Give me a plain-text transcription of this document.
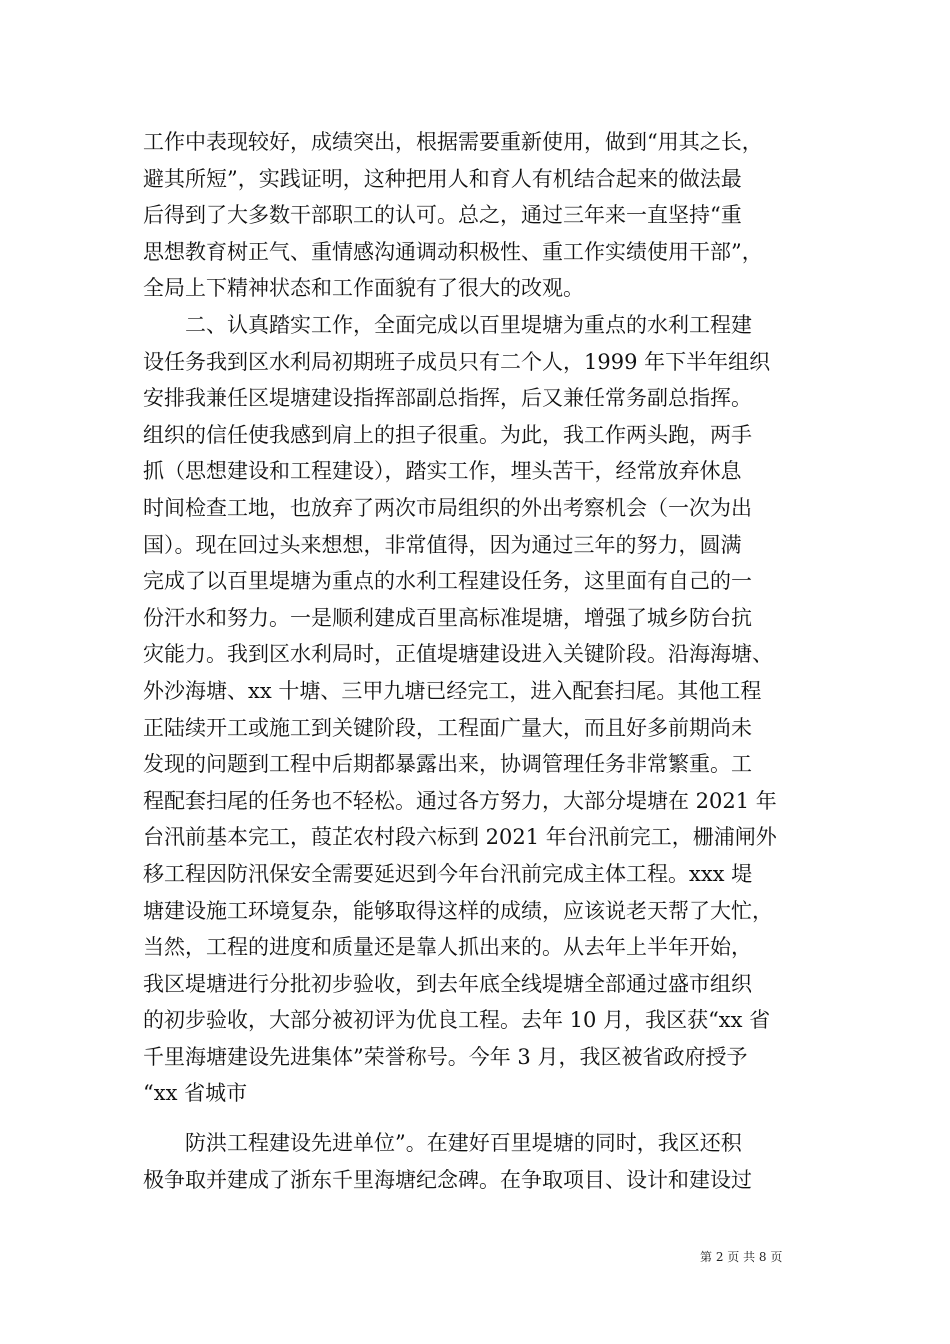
工作中表现较好，成绩突出，根据需要重新使用，做到“用其之长，
避其所短”，实践证明，这种把用人和育人有机结合起来的做法最
后得到了大多数干部职工的认可。总之，通过三年来一直坚持“重
思想教育树正气、重情感沟通调动积极性、重工作实绩使用干部”，
全局上下精神状态和工作面貌有了很大的改观。
二、认真踏实工作，全面完成以百里堤塘为重点的水利工程建
设任务我到区水利局初期班子成员只有二个人，1999 年下半年组织
安排我兼任区堤塘建设指挥部副总指挥，后又兼任常务副总指挥。
组织的信任使我感到肩上的担子很重。为此，我工作两头跑，两手
抓（思想建设和工程建设），踏实工作，埋头苦干，经常放弃休息
时间检查工地，也放弃了两次市局组织的外出考察机会（一次为出
国）。现在回过头来想想，非常值得，因为通过三年的努力，圆满
完成了以百里堤塘为重点的水利工程建设任务，这里面有自己的一
份汗水和努力。一是顺利建成百里高标准堤塘，增强了城乡防台抗
灾能力。我到区水利局时，正值堤塘建设进入关键阶段。沿海海塘、
外沙海塘、xx 十塘、三甲九塘已经完工，进入配套扫尾。其他工程
正陆续开工或施工到关键阶段，工程面广量大，而且好多前期尚未
发现的问题到工程中后期都暴露出来，协调管理任务非常繁重。工
程配套扫尾的任务也不轻松。通过各方努力，大部分堤塘在 2021 年
台汛前基本完工，葭芷农村段六标到 2021 年台汛前完工，栅浦闸外
移工程因防汛保安全需要延迟到今年台汛前完成主体工程。xxx 堤
塘建设施工环境复杂，能够取得这样的成绩，应该说老天帮了大忙，
当然，工程的进度和质量还是靠人抓出来的。从去年上半年开始，
我区堤塘进行分批初步验收，到去年底全线堤塘全部通过盛市组织
的初步验收，大部分被初评为优良工程。去年 10 月，我区获“xx 省
千里海塘建设先进集体”荣誉称号。今年 3 月，我区被省政府授予
“xx 省城市
防洪工程建设先进单位”。在建好百里堤塘的同时，我区还积
极争取并建成了浙东千里海塘纪念碑。在争取项目、设计和建设过
第 2 页 共 8 页
